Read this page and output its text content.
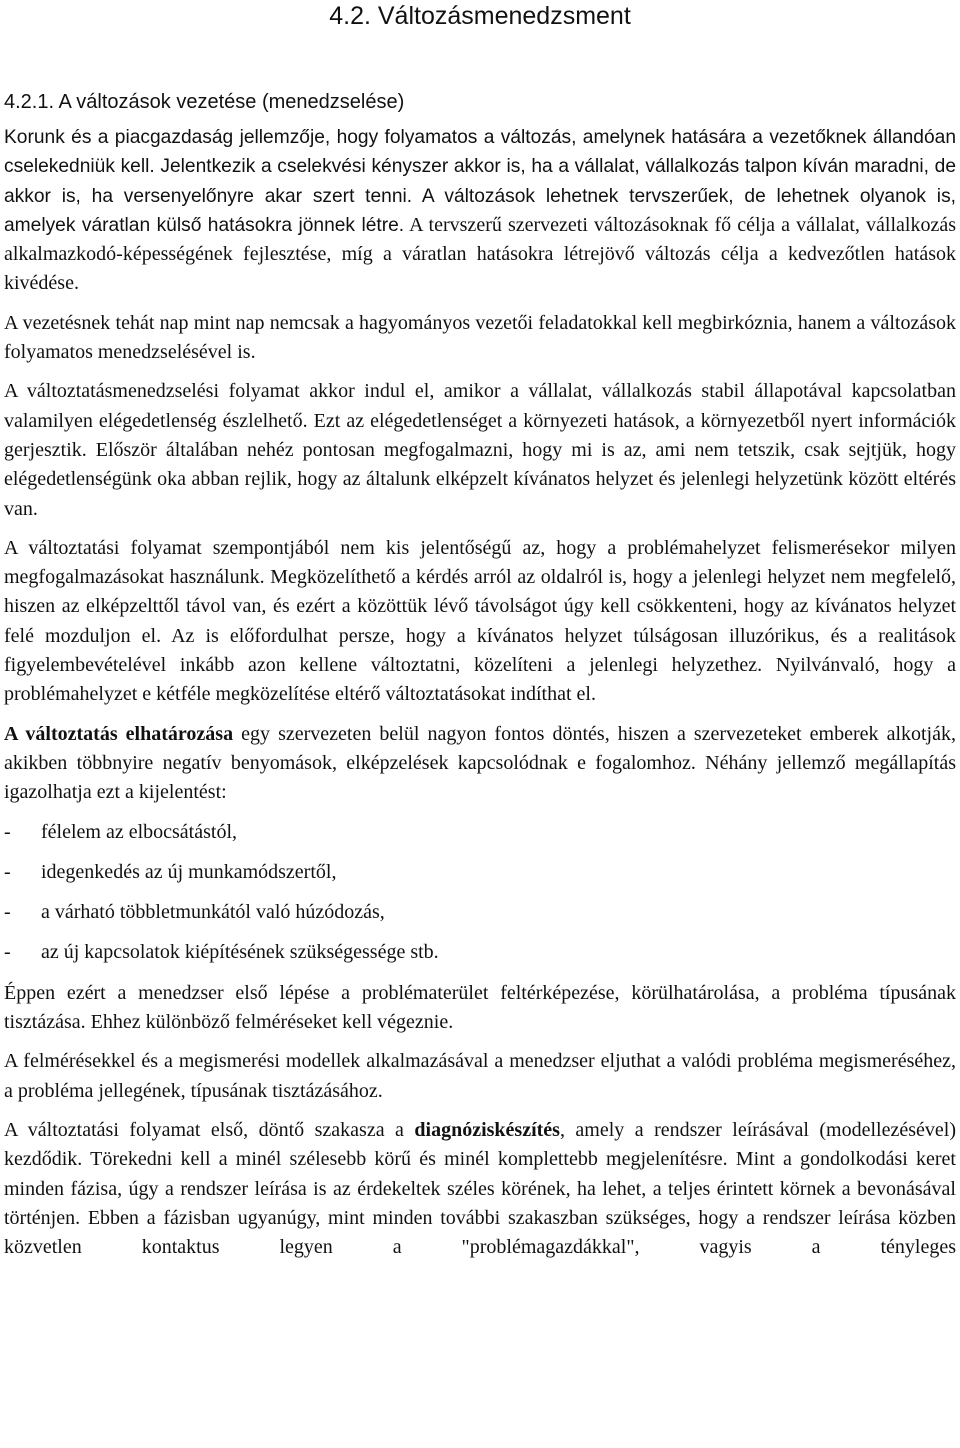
4.2. Változásmenedzsment
4.2.1. A változások vezetése (menedzselése)

Korunk és a piacgazdaság jellemzője, hogy folyamatos a változás, amelynek hatására a vezetőknek állandóan cselekedniük kell. Jelentkezik a cselekvési kényszer akkor is, ha a vállalat, vállalkozás talpon kíván maradni, de akkor is, ha versenyelőnyre akar szert tenni. A változások lehetnek tervszerűek, de lehetnek olyanok is, amelyek váratlan külső hatásokra jönnek létre. A tervszerű szervezeti változásoknak fő célja a vállalat, vállalkozás alkalmazkodó-képességének fejlesztése, míg a váratlan hatásokra létrejövő változás célja a kedvezőtlen hatások kivédése.

A vezetésnek tehát nap mint nap nemcsak a hagyományos vezetői feladatokkal kell megbirkóznia, hanem a változások folyamatos menedzselésével is.

A változtatásmenedzselési folyamat akkor indul el, amikor a vállalat, vállalkozás stabil állapotával kapcsolatban valamilyen elégedetlenség észlelhető. Ezt az elégedetlenséget a környezeti hatások, a környezetből nyert információk gerjesztik. Először általában nehéz pontosan megfogalmazni, hogy mi is az, ami nem tetszik, csak sejtjük, hogy elégedetlenségünk oka abban rejlik, hogy az általunk elképzelt kívánatos helyzet és jelenlegi helyzetünk között eltérés van.

A változtatási folyamat szempontjából nem kis jelentőségű az, hogy a problémahelyzet felismerésekor milyen megfogalmazásokat használunk. Megközelíthető a kérdés arról az oldalról is, hogy a jelenlegi helyzet nem megfelelő, hiszen az elképzelttől távol van, és ezért a közöttük lévő távolságot úgy kell csökkenteni, hogy az kívánatos helyzet felé mozduljon el. Az is előfordulhat persze, hogy a kívánatos helyzet túlságosan illuzórikus, és a realitások figyelembevételével inkább azon kellene változtatni, közelíteni a jelenlegi helyzethez. Nyilvánvaló, hogy a problémahelyzet e kétféle megközelítése eltérő változtatásokat indíthat el.

A változtatás elhatározása egy szervezeten belül nagyon fontos döntés, hiszen a szervezeteket emberek alkotják, akikben többnyire negatív benyomások, elképzelések kapcsolódnak e fogalomhoz. Néhány jellemző megállapítás igazolhatja ezt a kijelentést:

- félelem az elbocsátástól,
- idegenkedés az új munkamódszertől,
- a várható többletmunkától való húzódozás,
- az új kapcsolatok kiépítésének szükségessége stb.

Éppen ezért a menedzser első lépése a problématerület feltérképezése, körülhatárolása, a probléma típusának tisztázása. Ehhez különböző felméréseket kell végeznie.

A felmérésekkel és a megismerési modellek alkalmazásával a menedzser eljuthat a valódi probléma megismeréséhez, a probléma jellegének, típusának tisztázásához.

A változtatási folyamat első, döntő szakasza a diagnóziskészítés, amely a rendszer leírásával (modellezésével) kezdődik. Törekedni kell a minél szélesebb körű és minél komplettebb megjelenítésre. Mint a gondolkodási keret minden fázisa, úgy a rendszer leírása is az érdekeltek széles körének, ha lehet, a teljes érintett körnek a bevonásával történjen. Ebben a fázisban ugyanúgy, mint minden további szakaszban szükséges, hogy a rendszer leírása közben közvetlen kontaktus legyen a "problémagazdákkal", vagyis a tényleges
